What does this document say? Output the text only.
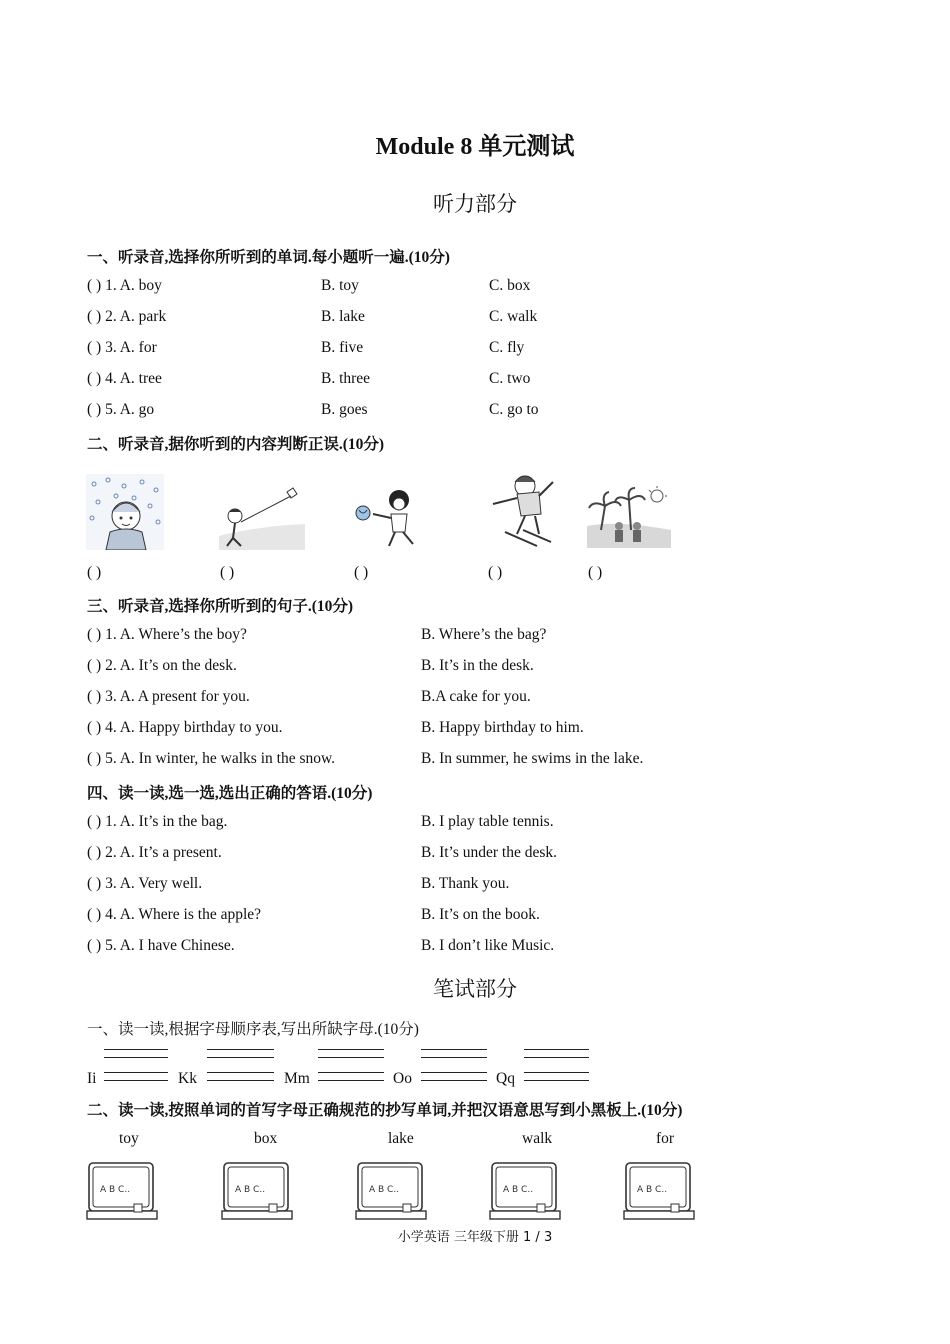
Module 8 单元测试
听力部分
一、听录音,选择你所听到的单词.每小题听一遍.(10分)
( ) 1. A. boy	B. toy	C. box
( ) 2. A. park	B. lake	C. walk
( ) 3. A. for	B. five	C. fly
( ) 4. A. tree	B. three	C. two
( ) 5. A. go	B. goes	C. go to
二、听录音,据你听到的内容判断正误.(10分)
( )	( )	( )	( )	( )
三、听录音,选择你所听到的句子.(10分)
( ) 1. A. Where’s the boy?	B. Where’s the bag?
( ) 2. A. It’s on the desk.	B. It’s in the desk.
( ) 3. A. A present for you.	B.A cake for you.
( ) 4. A. Happy birthday to you.	B. Happy birthday to him.
( ) 5. A. In winter, he walks in the snow.	B. In summer, he swims in the lake.
四、读一读,选一选,选出正确的答语.(10分)
( ) 1. A. It’s in the bag.	B. I play table tennis.
( ) 2. A. It’s a present.	B. It’s under the desk.
( ) 3. A. Very well.	B. Thank you.
( ) 4. A. Where is the apple?	B. It’s on the book.
( ) 5. A. I have Chinese.	B. I don’t like Music.
笔试部分
一、读一读,根据字母顺序表,写出所缺字母.(10分)
Ii	Kk	Mm	Oo	Qq
二、读一读,按照单词的首写字母正确规范的抄写单词,并把汉语意思写到小黑板上.(10分)
toy	box	lake	walk	for
A B C..	A B C..	A B C..	A B C..	A B C..
小学英语 三年级下册 1 / 3
